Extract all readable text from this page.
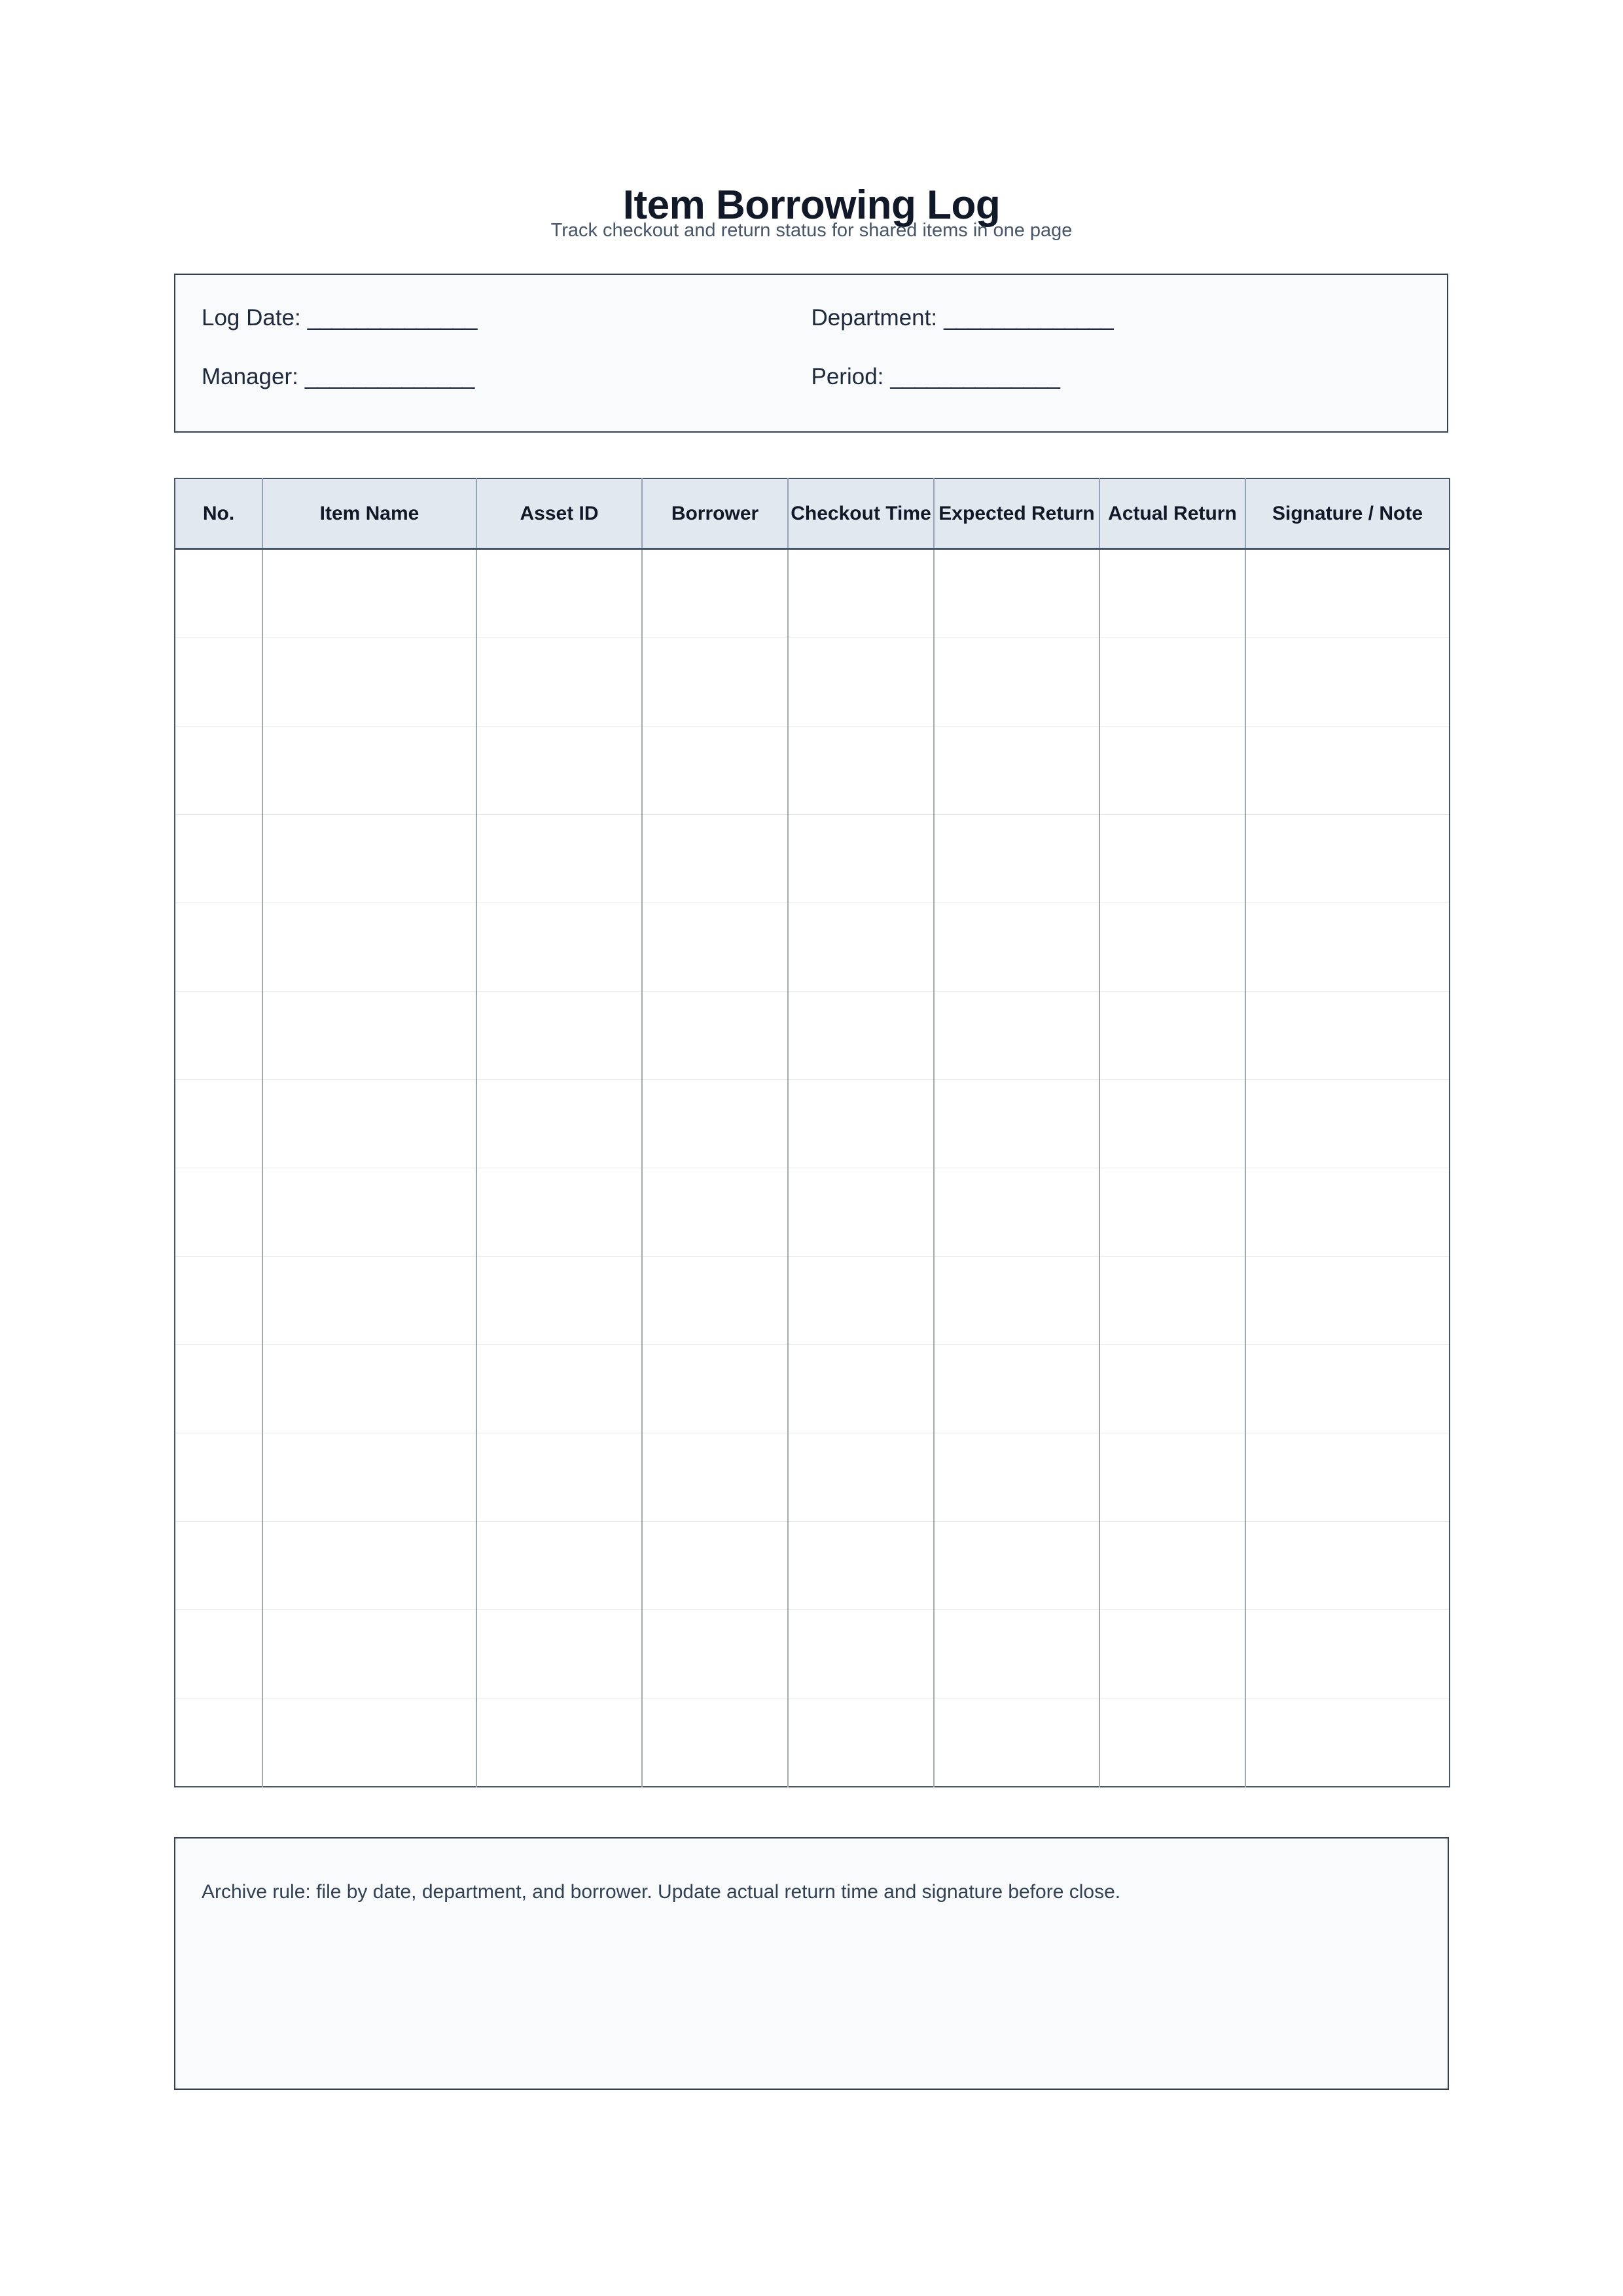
Item Borrowing Log
Track checkout and return status for shared items in one page
Log Date: ______________	Department: ______________
Manager: ______________	Period: ______________
No.	Item Name	Asset ID	Borrower	Checkout Time	Expected Return	Actual Return	Signature / Note

Archive rule: file by date, department, and borrower. Update actual return time and signature before close.
